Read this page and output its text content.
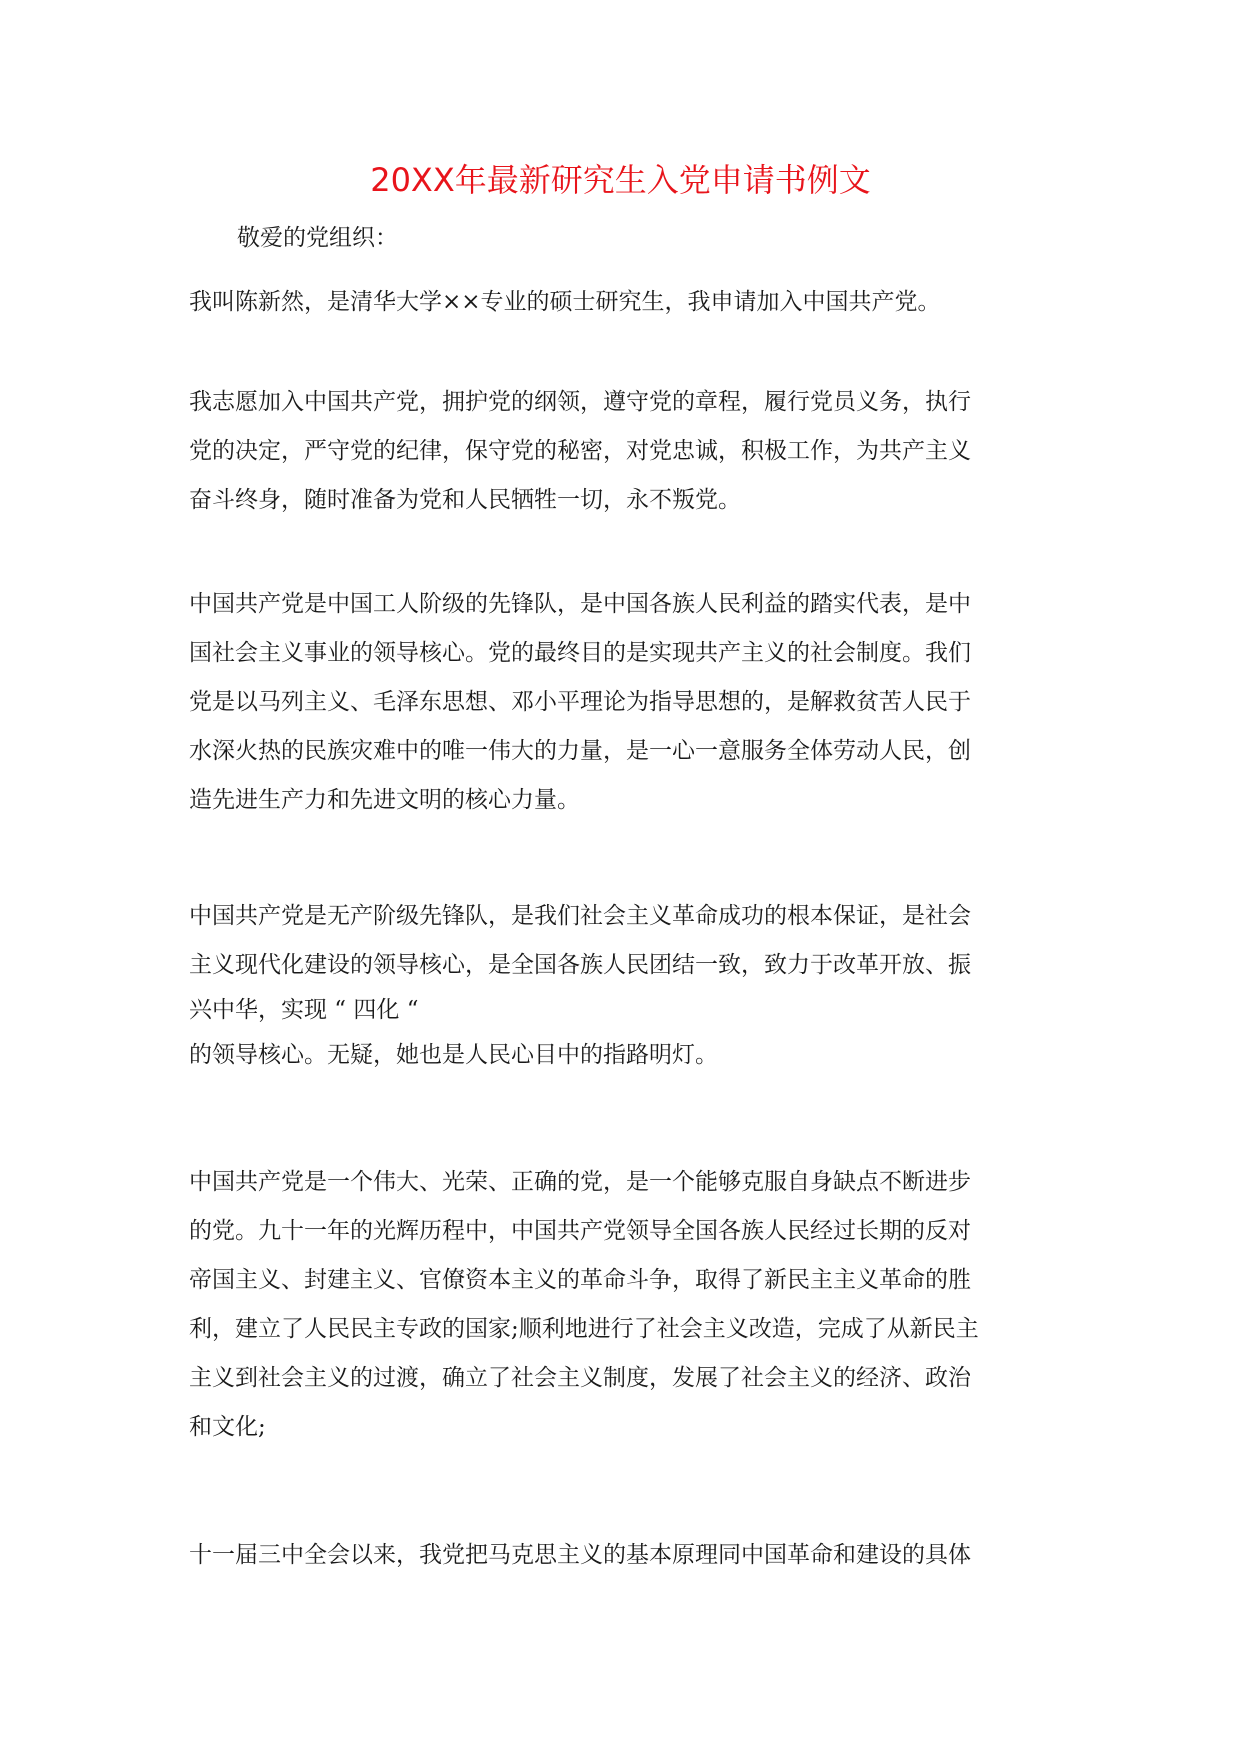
20XX年最新研究生入党申请书例文
敬爱的党组织：
我叫陈新然，是清华大学××专业的硕士研究生，我申请加入中国共产党。
我志愿加入中国共产党，拥护党的纲领，遵守党的章程，履行党员义务，执行
党的决定，严守党的纪律，保守党的秘密，对党忠诚，积极工作，为共产主义
奋斗终身，随时准备为党和人民牺牲一切，永不叛党。
中国共产党是中国工人阶级的先锋队，是中国各族人民利益的踏实代表，是中
国社会主义事业的领导核心。党的最终目的是实现共产主义的社会制度。我们
党是以马列主义、毛泽东思想、邓小平理论为指导思想的，是解救贫苦人民于
水深火热的民族灾难中的唯一伟大的力量，是一心一意服务全体劳动人民，创
造先进生产力和先进文明的核心力量。
中国共产党是无产阶级先锋队，是我们社会主义革命成功的根本保证，是社会
主义现代化建设的领导核心，是全国各族人民团结一致，致力于改革开放、振
兴中华，实现 “ 四化 “
的领导核心。无疑，她也是人民心目中的指路明灯。
中国共产党是一个伟大、光荣、正确的党，是一个能够克服自身缺点不断进步
的党。九十一年的光辉历程中，中国共产党领导全国各族人民经过长期的反对
帝国主义、封建主义、官僚资本主义的革命斗争，取得了新民主主义革命的胜
利，建立了人民民主专政的国家;顺利地进行了社会主义改造，完成了从新民主
主义到社会主义的过渡，确立了社会主义制度，发展了社会主义的经济、政治
和文化;
十一届三中全会以来，我党把马克思主义的基本原理同中国革命和建设的具体
